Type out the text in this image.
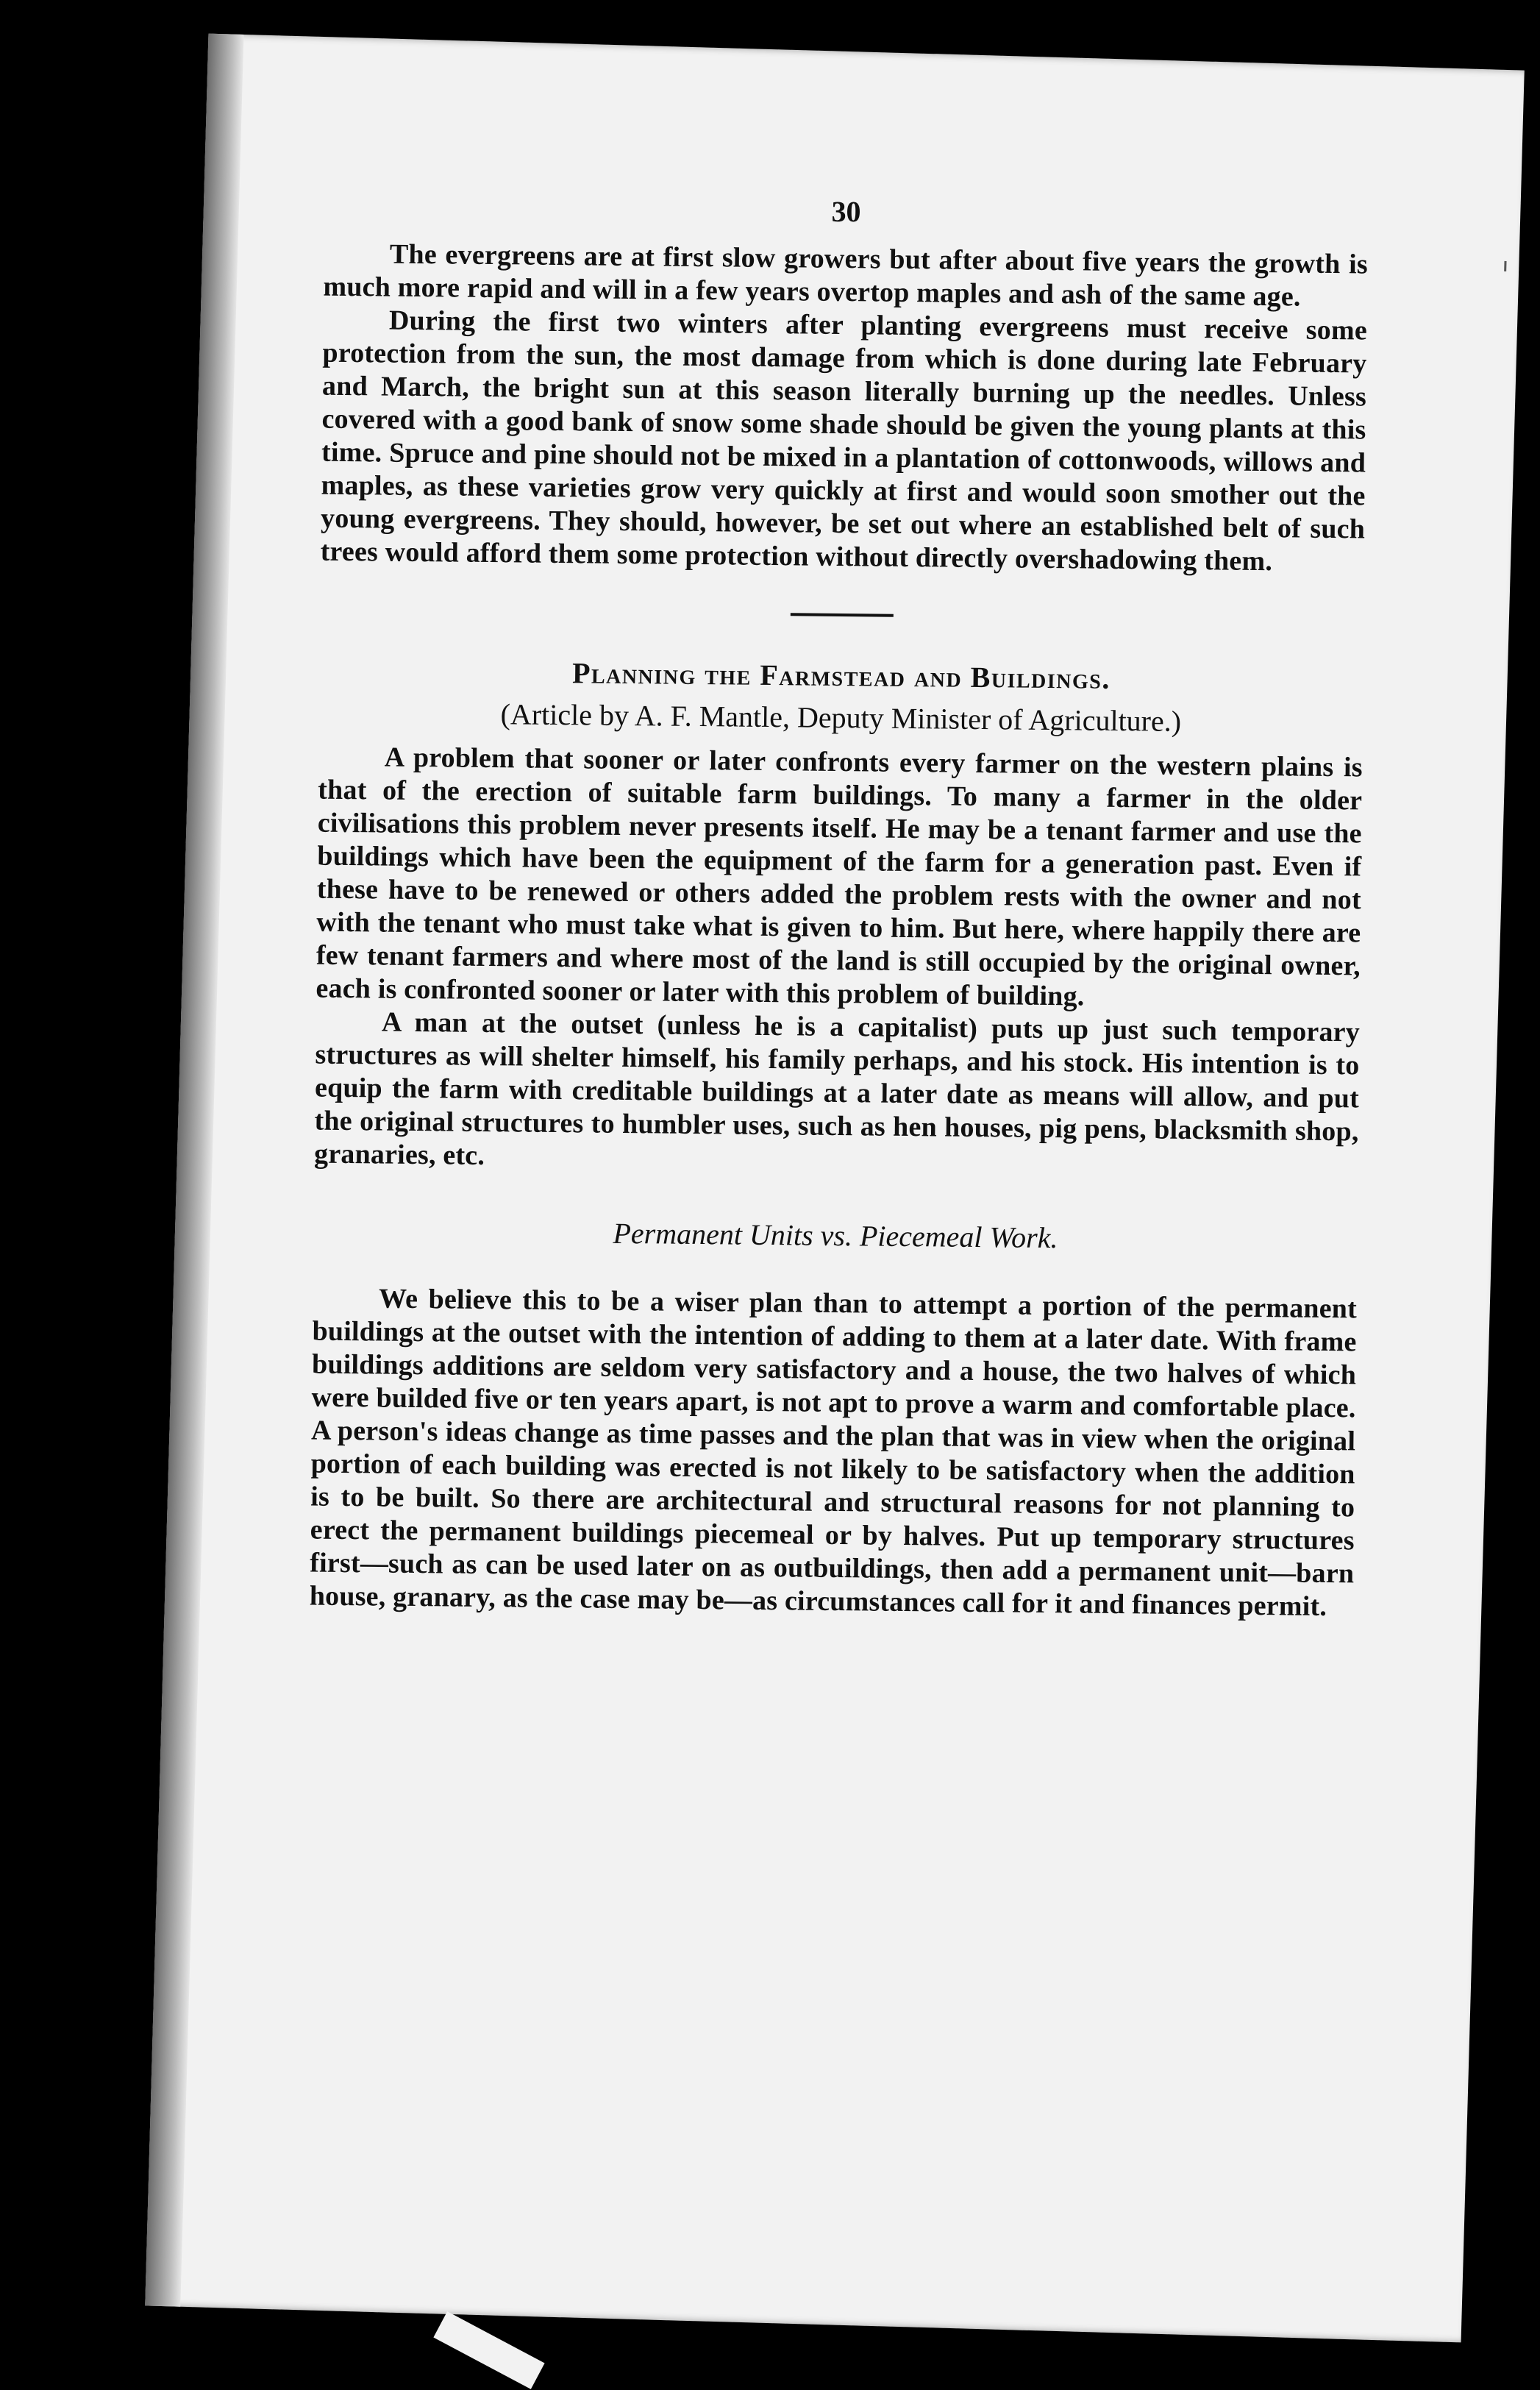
30

The evergreens are at first slow growers but after about five years the growth is much more rapid and will in a few years overtop maples and ash of the same age.

During the first two winters after planting evergreens must receive some protection from the sun, the most damage from which is done during late February and March, the bright sun at this season literally burning up the needles. Unless covered with a good bank of snow some shade should be given the young plants at this time. Spruce and pine should not be mixed in a plantation of cottonwoods, willows and maples, as these varieties grow very quickly at first and would soon smother out the young evergreens. They should, however, be set out where an established belt of such trees would afford them some protection without directly overshadowing them.

Planning the Farmstead and Buildings.
(Article by A. F. Mantle, Deputy Minister of Agriculture.)

A problem that sooner or later confronts every farmer on the western plains is that of the erection of suitable farm buildings. To many a farmer in the older civilisations this problem never presents itself. He may be a tenant farmer and use the buildings which have been the equipment of the farm for a generation past. Even if these have to be renewed or others added the problem rests with the owner and not with the tenant who must take what is given to him. But here, where happily there are few tenant farmers and where most of the land is still occupied by the original owner, each is confronted sooner or later with this problem of building.

A man at the outset (unless he is a capitalist) puts up just such temporary structures as will shelter himself, his family perhaps, and his stock. His intention is to equip the farm with creditable buildings at a later date as means will allow, and put the original structures to humbler uses, such as hen houses, pig pens, blacksmith shop, granaries, etc.

Permanent Units vs. Piecemeal Work.

We believe this to be a wiser plan than to attempt a portion of the permanent buildings at the outset with the intention of adding to them at a later date. With frame buildings additions are seldom very satisfactory and a house, the two halves of which were builded five or ten years apart, is not apt to prove a warm and comfortable place. A person's ideas change as time passes and the plan that was in view when the original portion of each building was erected is not likely to be satisfactory when the addition is to be built. So there are architectural and structural reasons for not planning to erect the permanent buildings piecemeal or by halves. Put up temporary structures first—such as can be used later on as outbuildings, then add a permanent unit—barn house, granary, as the case may be—as circumstances call for it and finances permit.
